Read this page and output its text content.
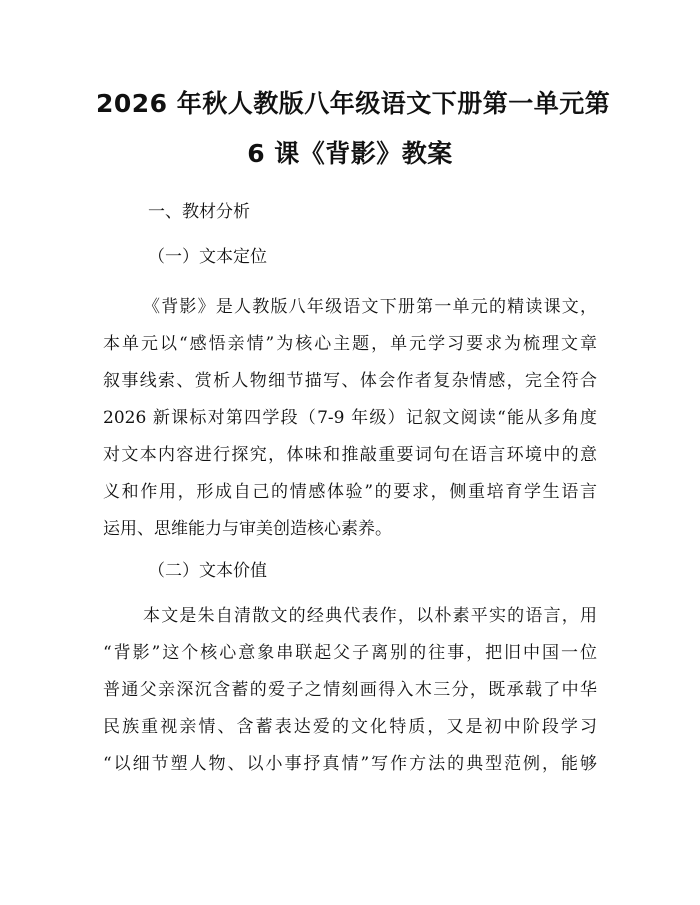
2026 年秋人教版八年级语文下册第一单元第
6 课《背影》教案
一、教材分析
（一）文本定位
《背影》是人教版八年级语文下册第一单元的精读课文，
本单元以“感悟亲情”为核心主题，单元学习要求为梳理文章
叙事线索、赏析人物细节描写、体会作者复杂情感，完全符合
2026 新课标对第四学段（7-9 年级）记叙文阅读“能从多角度
对文本内容进行探究，体味和推敲重要词句在语言环境中的意
义和作用，形成自己的情感体验”的要求，侧重培育学生语言
运用、思维能力与审美创造核心素养。
（二）文本价值
本文是朱自清散文的经典代表作，以朴素平实的语言，用
“背影”这个核心意象串联起父子离别的往事，把旧中国一位
普通父亲深沉含蓄的爱子之情刻画得入木三分，既承载了中华
民族重视亲情、含蓄表达爱的文化特质，又是初中阶段学习
“以细节塑人物、以小事抒真情”写作方法的典型范例，能够
